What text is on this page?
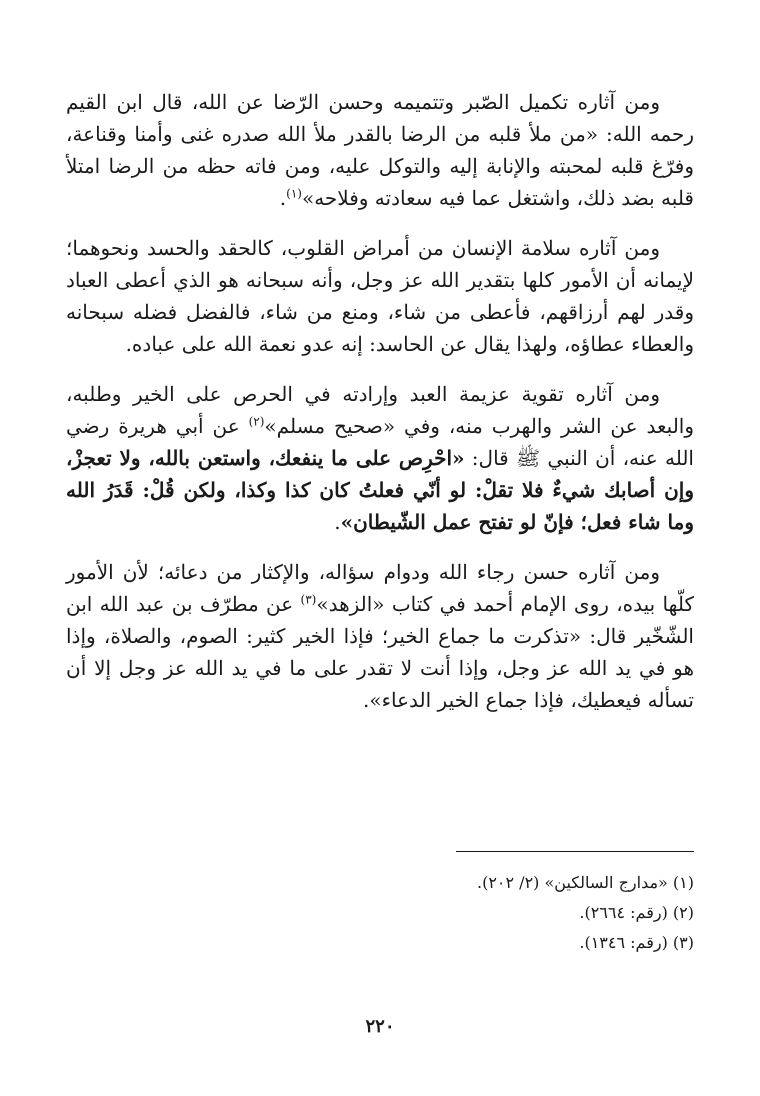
ومن آثاره تكميل الصّبر وتتميمه وحسن الرّضا عن الله، قال ابن القيم رحمه الله: «من ملأ قلبه من الرضا بالقدر ملأ الله صدره غنى وأمنا وقناعة، وفرّغ قلبه لمحبته والإنابة إليه والتوكل عليه، ومن فاته حظه من الرضا امتلأ قلبه بضد ذلك، واشتغل عما فيه سعادته وفلاحه»$^{(١)}$.

ومن آثاره سلامة الإنسان من أمراض القلوب، كالحقد والحسد ونحوهما؛ لإيمانه أن الأمور كلها بتقدير الله عز وجل، وأنه سبحانه هو الذي أعطى العباد وقدر لهم أرزاقهم، فأعطى من شاء، ومنع من شاء، فالفضل فضله سبحانه والعطاء عطاؤه، ولهذا يقال عن الحاسد: إنه عدو نعمة الله على عباده.

ومن آثاره تقوية عزيمة العبد وإرادته في الحرص على الخير وطلبه، والبعد عن الشر والهرب منه، وفي «صحيح مسلم»$^{(٢)}$ عن أبي هريرة رضي الله عنه، أن النبي ﷺ قال: «احْرِص على ما ينفعك، واستعن بالله، ولا تعجزْ، وإن أصابك شيءٌ فلا تقلْ: لو أنّي فعلتُ كان كذا وكذا، ولكن قُلْ: قَدَرُ الله وما شاء فعل؛ فإنّ لو تفتح عمل الشّيطان».

ومن آثاره حسن رجاء الله ودوام سؤاله، والإكثار من دعائه؛ لأن الأمور كلّها بيده، روى الإمام أحمد في كتاب «الزهد»$^{(٣)}$ عن مطرّف بن عبد الله ابن الشّخّير قال: «تذكرت ما جماع الخير؛ فإذا الخير كثير: الصوم، والصلاة، وإذا هو في يد الله عز وجل، وإذا أنت لا تقدر على ما في يد الله عز وجل إلا أن تسأله فيعطيك، فإذا جماع الخير الدعاء».

(١) «مدارج السالكين» (٢/ ٢٠٢).
(٢) (رقم: ٢٦٦٤).
(٣) (رقم: ١٣٤٦).
٢٢٠
